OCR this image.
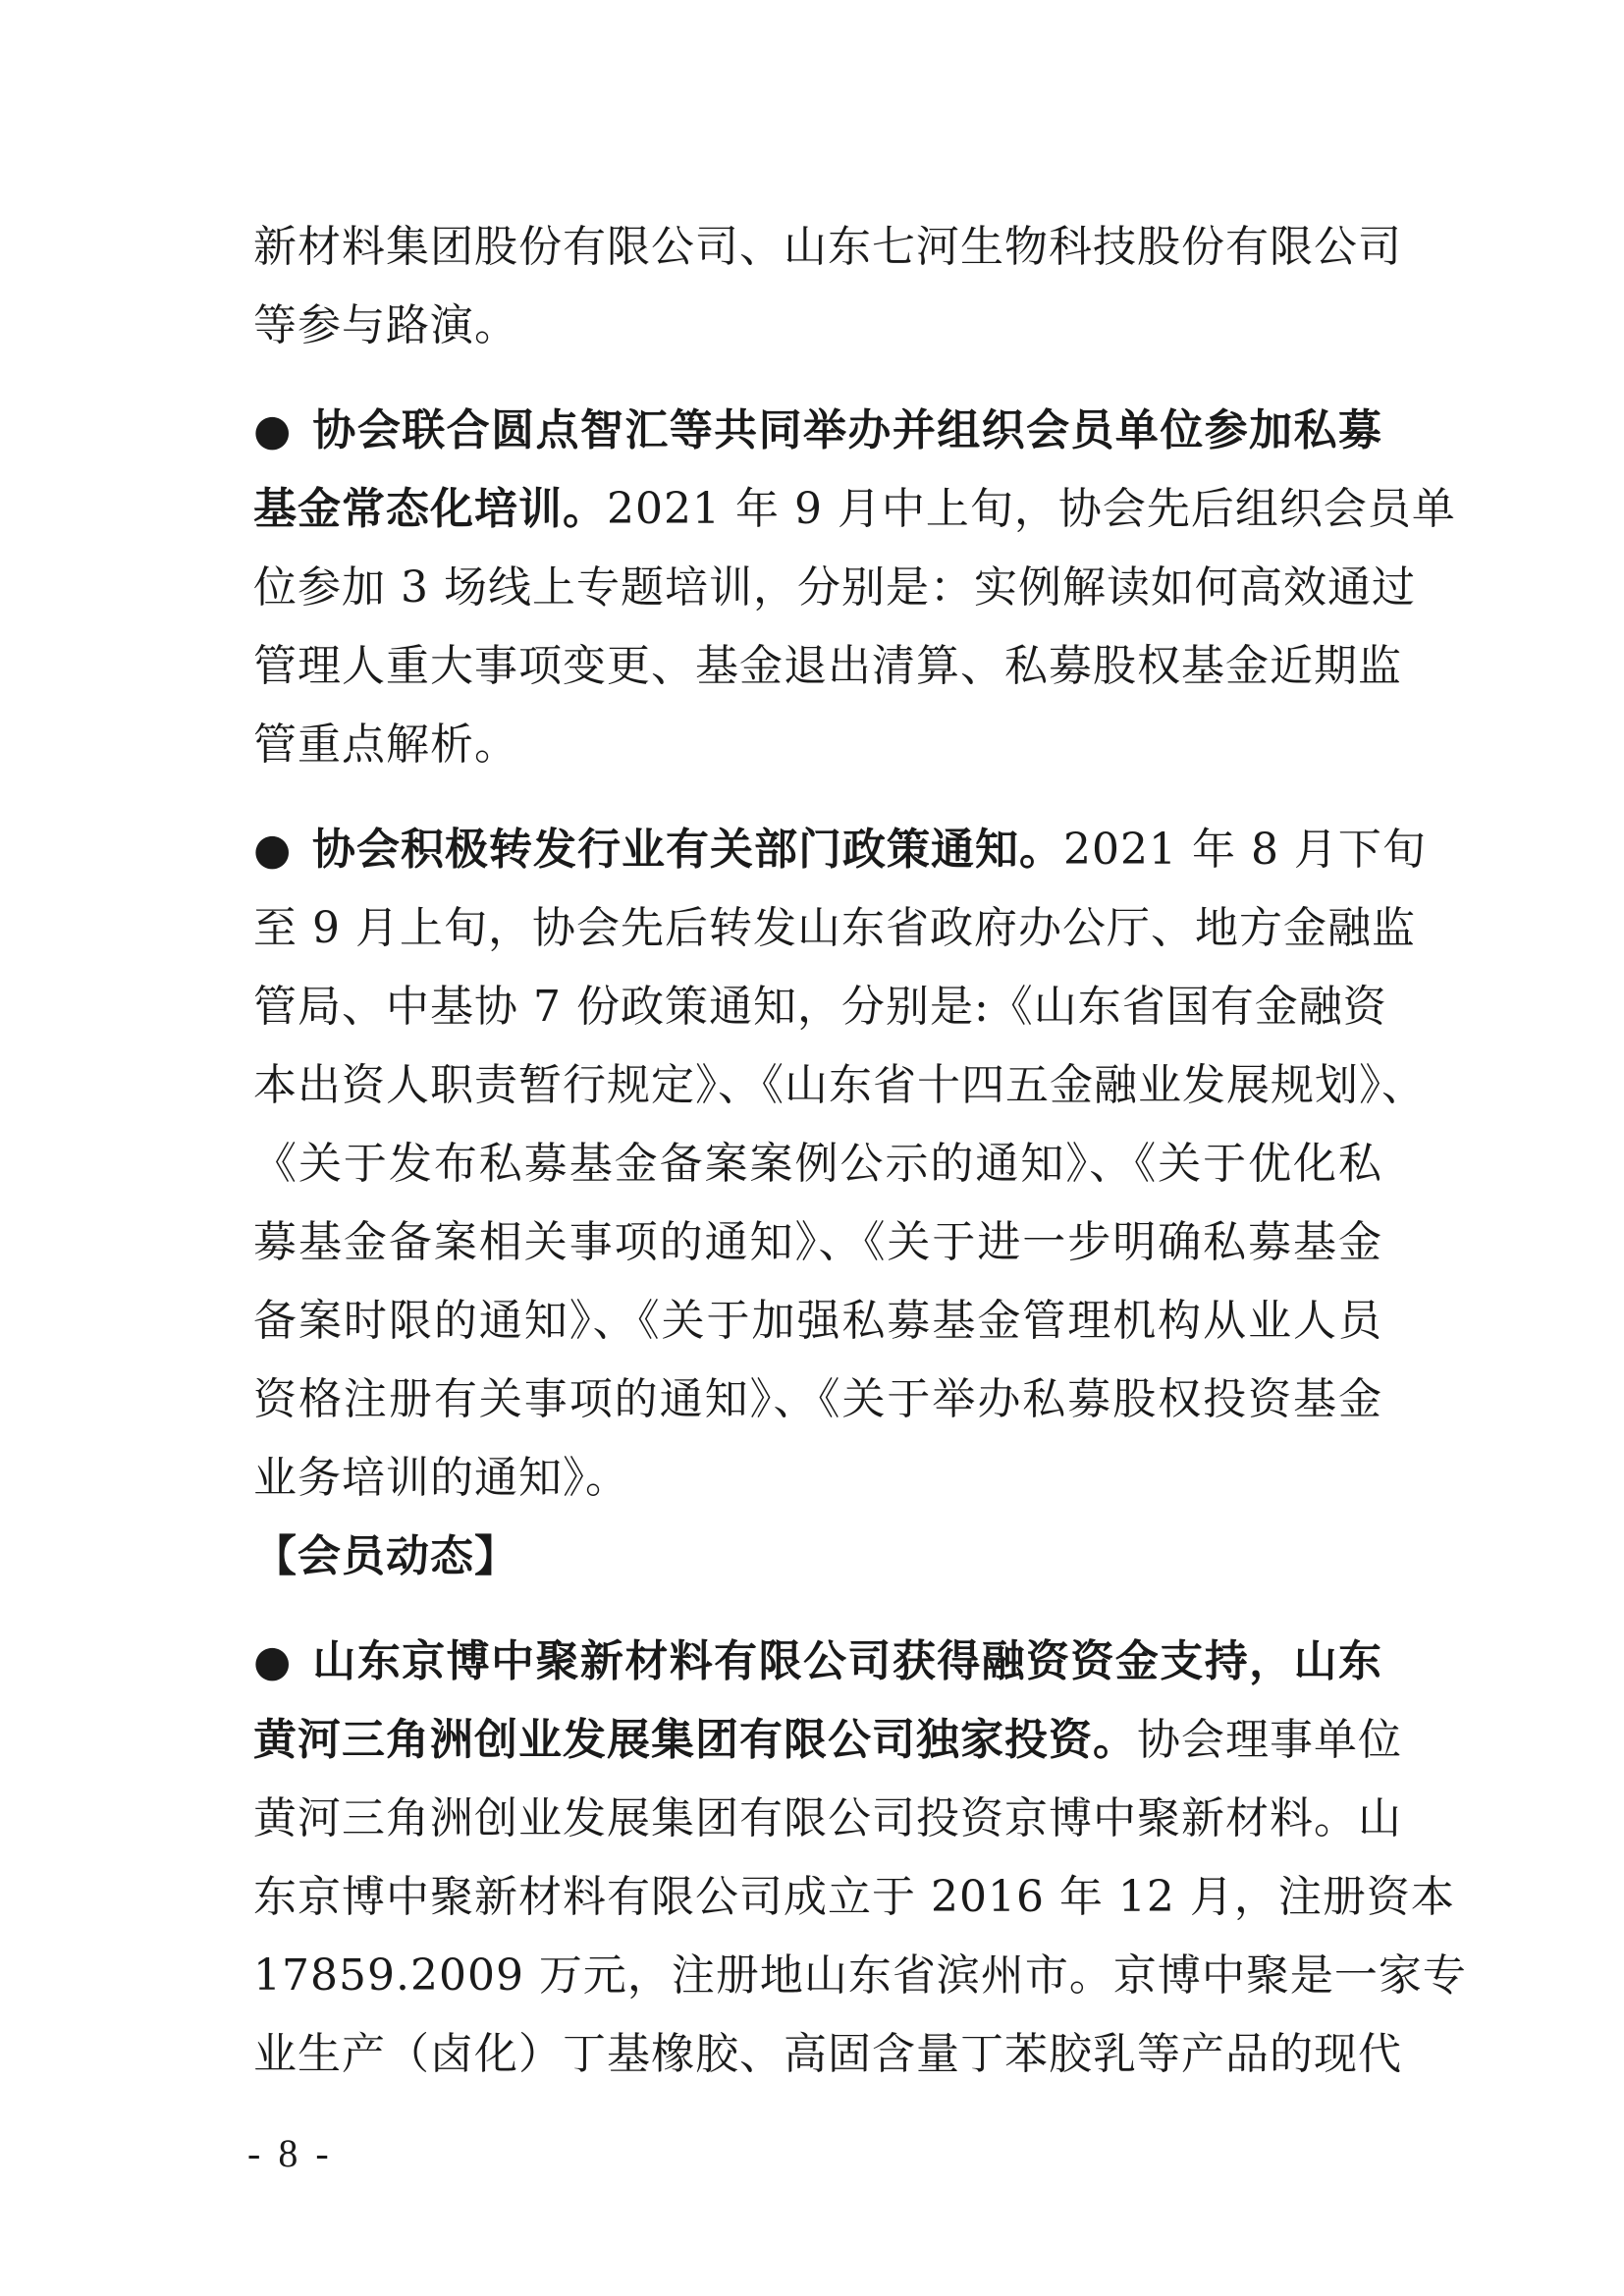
新材料集团股份有限公司、山东七河生物科技股份有限公司
等参与路演。
● 协会联合圆点智汇等共同举办并组织会员单位参加私募
基金常态化培训。2021 年 9 月中上旬，协会先后组织会员单
位参加 3 场线上专题培训，分别是：实例解读如何高效通过
管理人重大事项变更、基金退出清算、私募股权基金近期监
管重点解析。
● 协会积极转发行业有关部门政策通知。2021 年 8 月下旬
至 9 月上旬，协会先后转发山东省政府办公厅、地方金融监
管局、中基协 7 份政策通知，分别是:《山东省国有金融资
本出资人职责暂行规定》、《山东省十四五金融业发展规划》、
《关于发布私募基金备案案例公示的通知》、《关于优化私
募基金备案相关事项的通知》、《关于进一步明确私募基金
备案时限的通知》、《关于加强私募基金管理机构从业人员
资格注册有关事项的通知》、《关于举办私募股权投资基金
业务培训的通知》。
【会员动态】
● 山东京博中聚新材料有限公司获得融资资金支持，山东
黄河三角洲创业发展集团有限公司独家投资。协会理事单位
黄河三角洲创业发展集团有限公司投资京博中聚新材料。山
东京博中聚新材料有限公司成立于 2016 年 12 月，注册资本
17859.2009 万元，注册地山东省滨州市。京博中聚是一家专
业生产（卤化）丁基橡胶、高固含量丁苯胶乳等产品的现代
- 8 -
